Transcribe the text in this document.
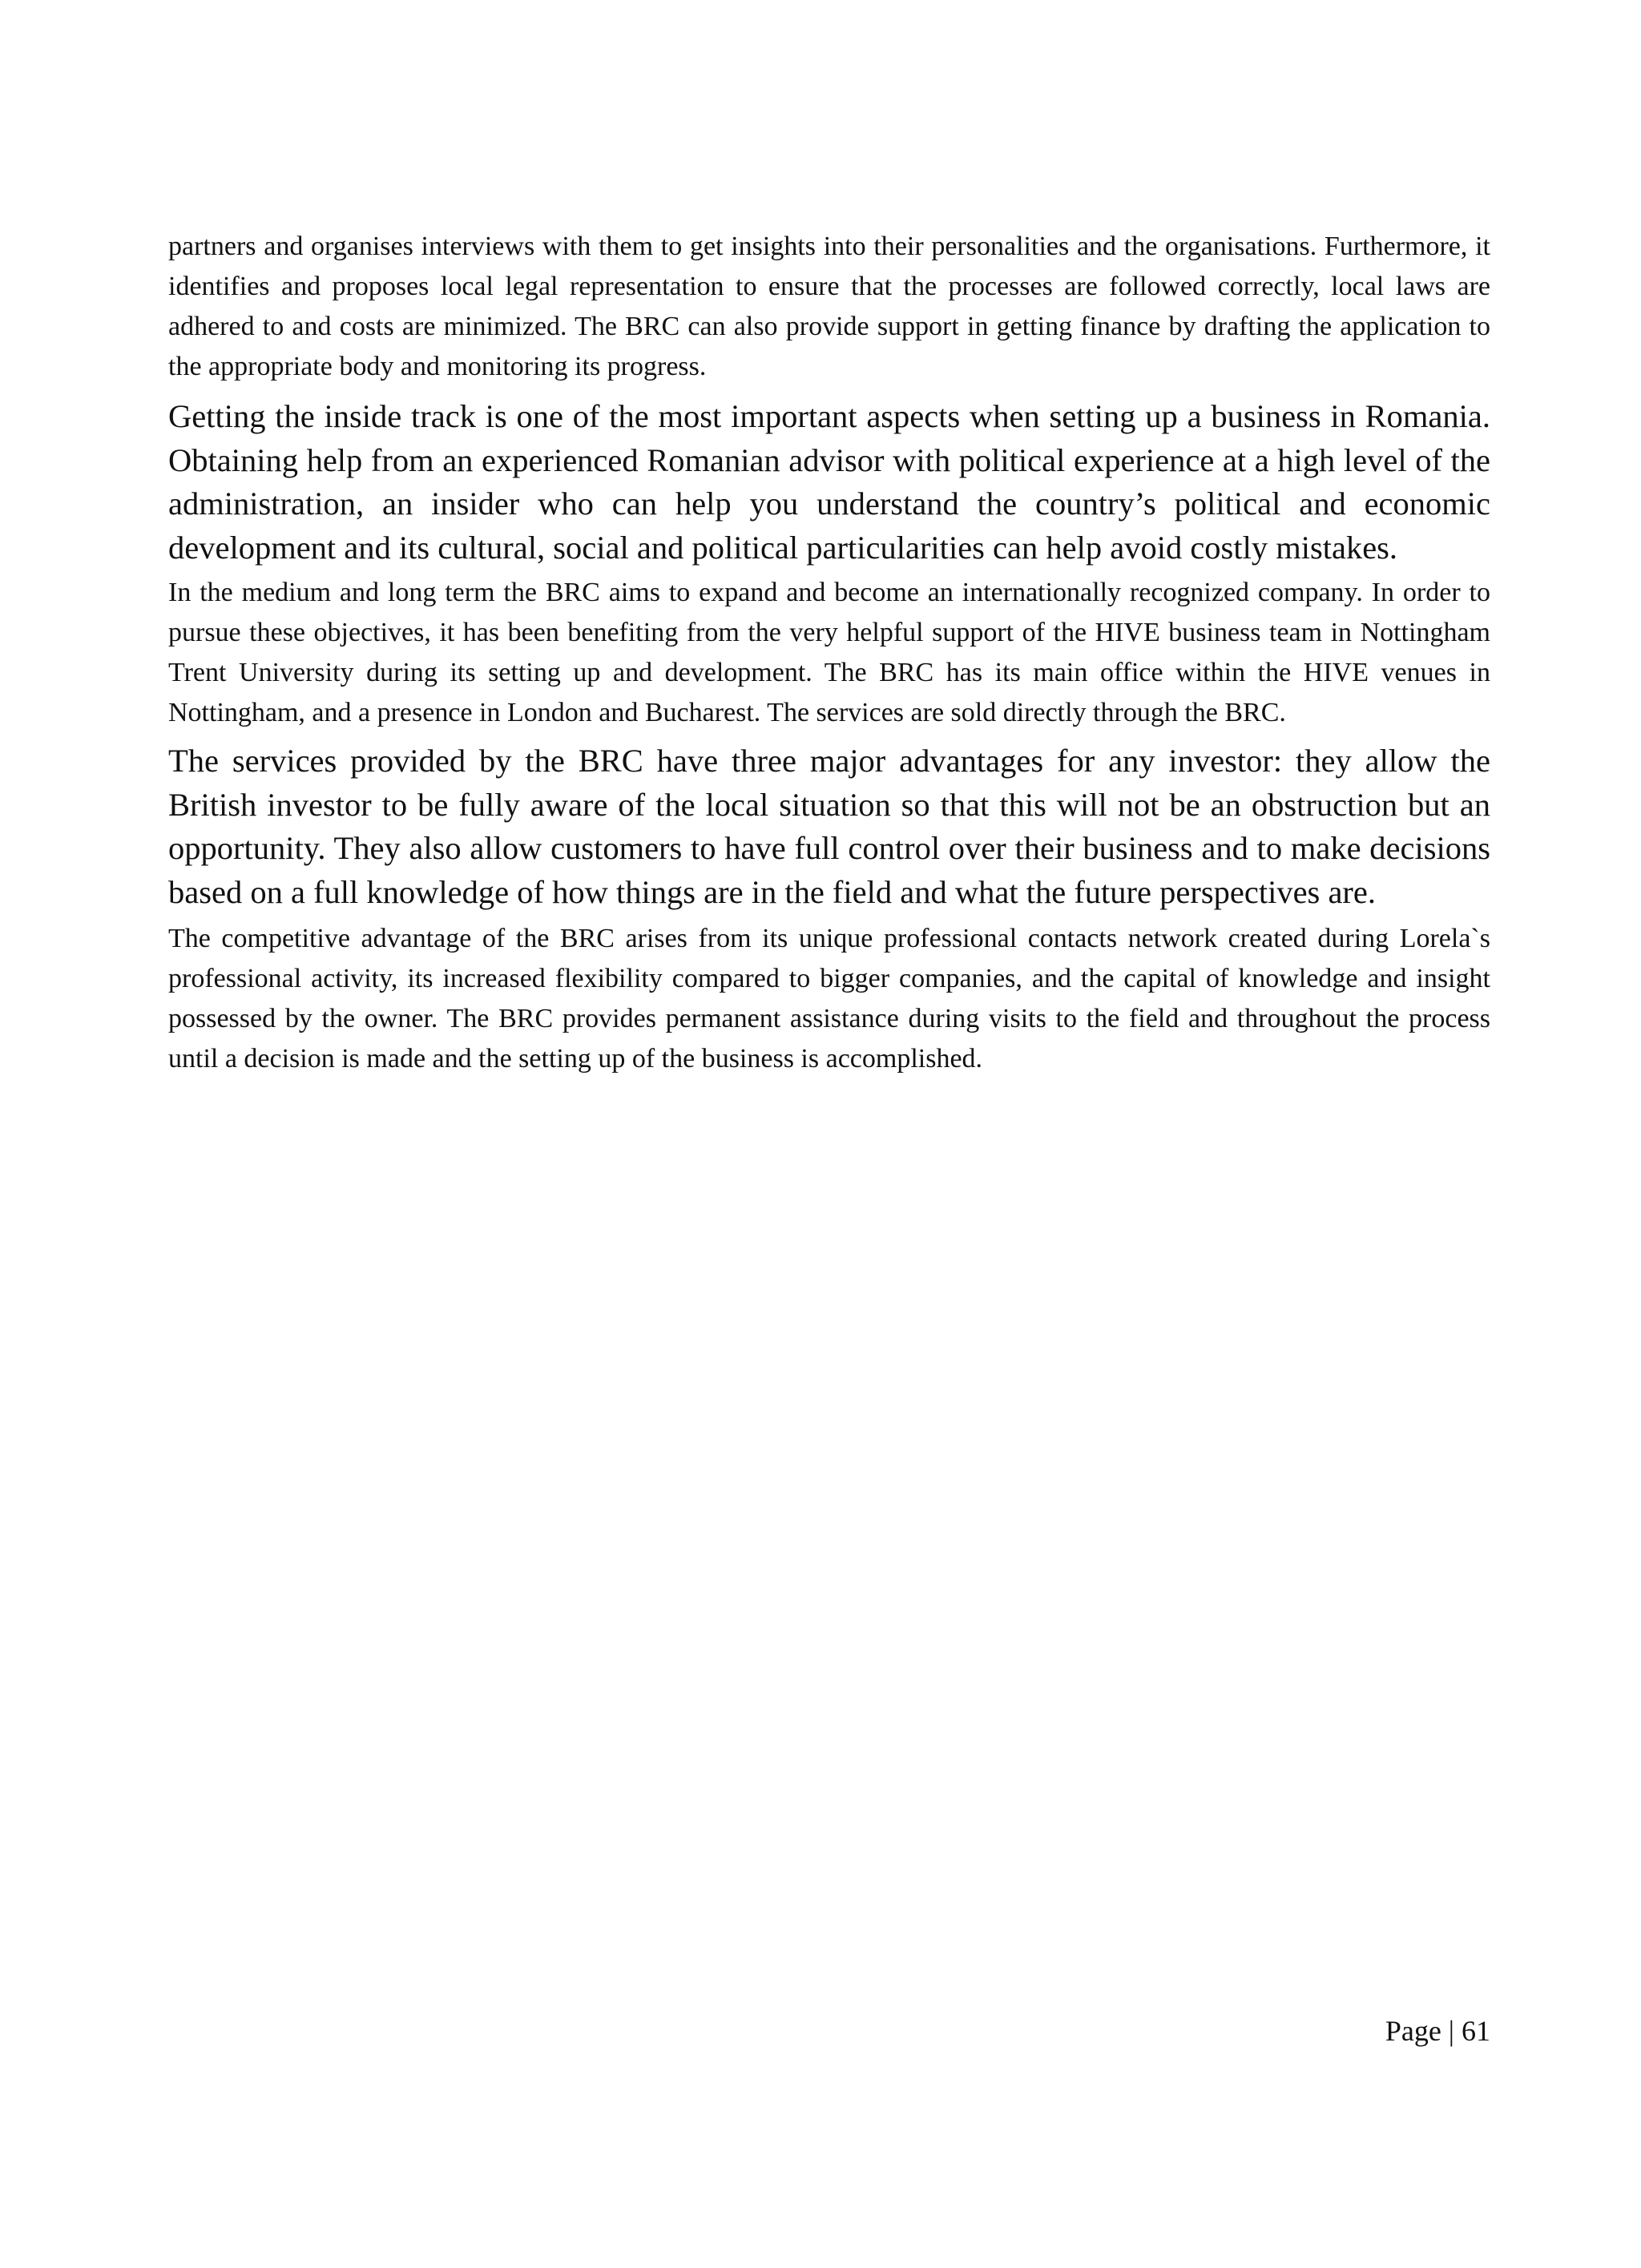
partners and organises interviews with them to get insights into their personalities and the organisations. Furthermore, it identifies and proposes local legal representation to ensure that the processes are followed correctly, local laws are adhered to and costs are minimized. The BRC can also provide support in getting finance by drafting the application to the appropriate body and monitoring its progress.

Getting the inside track is one of the most important aspects when setting up a business in Romania. Obtaining help from an experienced Romanian advisor with political experience at a high level of the administration, an insider who can help you understand the country’s political and economic development and its cultural, social and political particularities can help avoid costly mistakes.

In the medium and long term the BRC aims to expand and become an internationally recognized company. In order to pursue these objectives, it has been benefiting from the very helpful support of the HIVE business team in Nottingham Trent University during its setting up and development. The BRC has its main office within the HIVE venues in Nottingham, and a presence in London and Bucharest. The services are sold directly through the BRC.

The services provided by the BRC have three major advantages for any investor: they allow the British investor to be fully aware of the local situation so that this will not be an obstruction but an opportunity. They also allow customers to have full control over their business and to make decisions based on a full knowledge of how things are in the field and what the future perspectives are.

The competitive advantage of the BRC arises from its unique professional contacts network created during Lorela`s professional activity, its increased flexibility compared to bigger companies, and the capital of knowledge and insight possessed by the owner. The BRC provides permanent assistance during visits to the field and throughout the process until a decision is made and the setting up of the business is accomplished.

Page | 61
